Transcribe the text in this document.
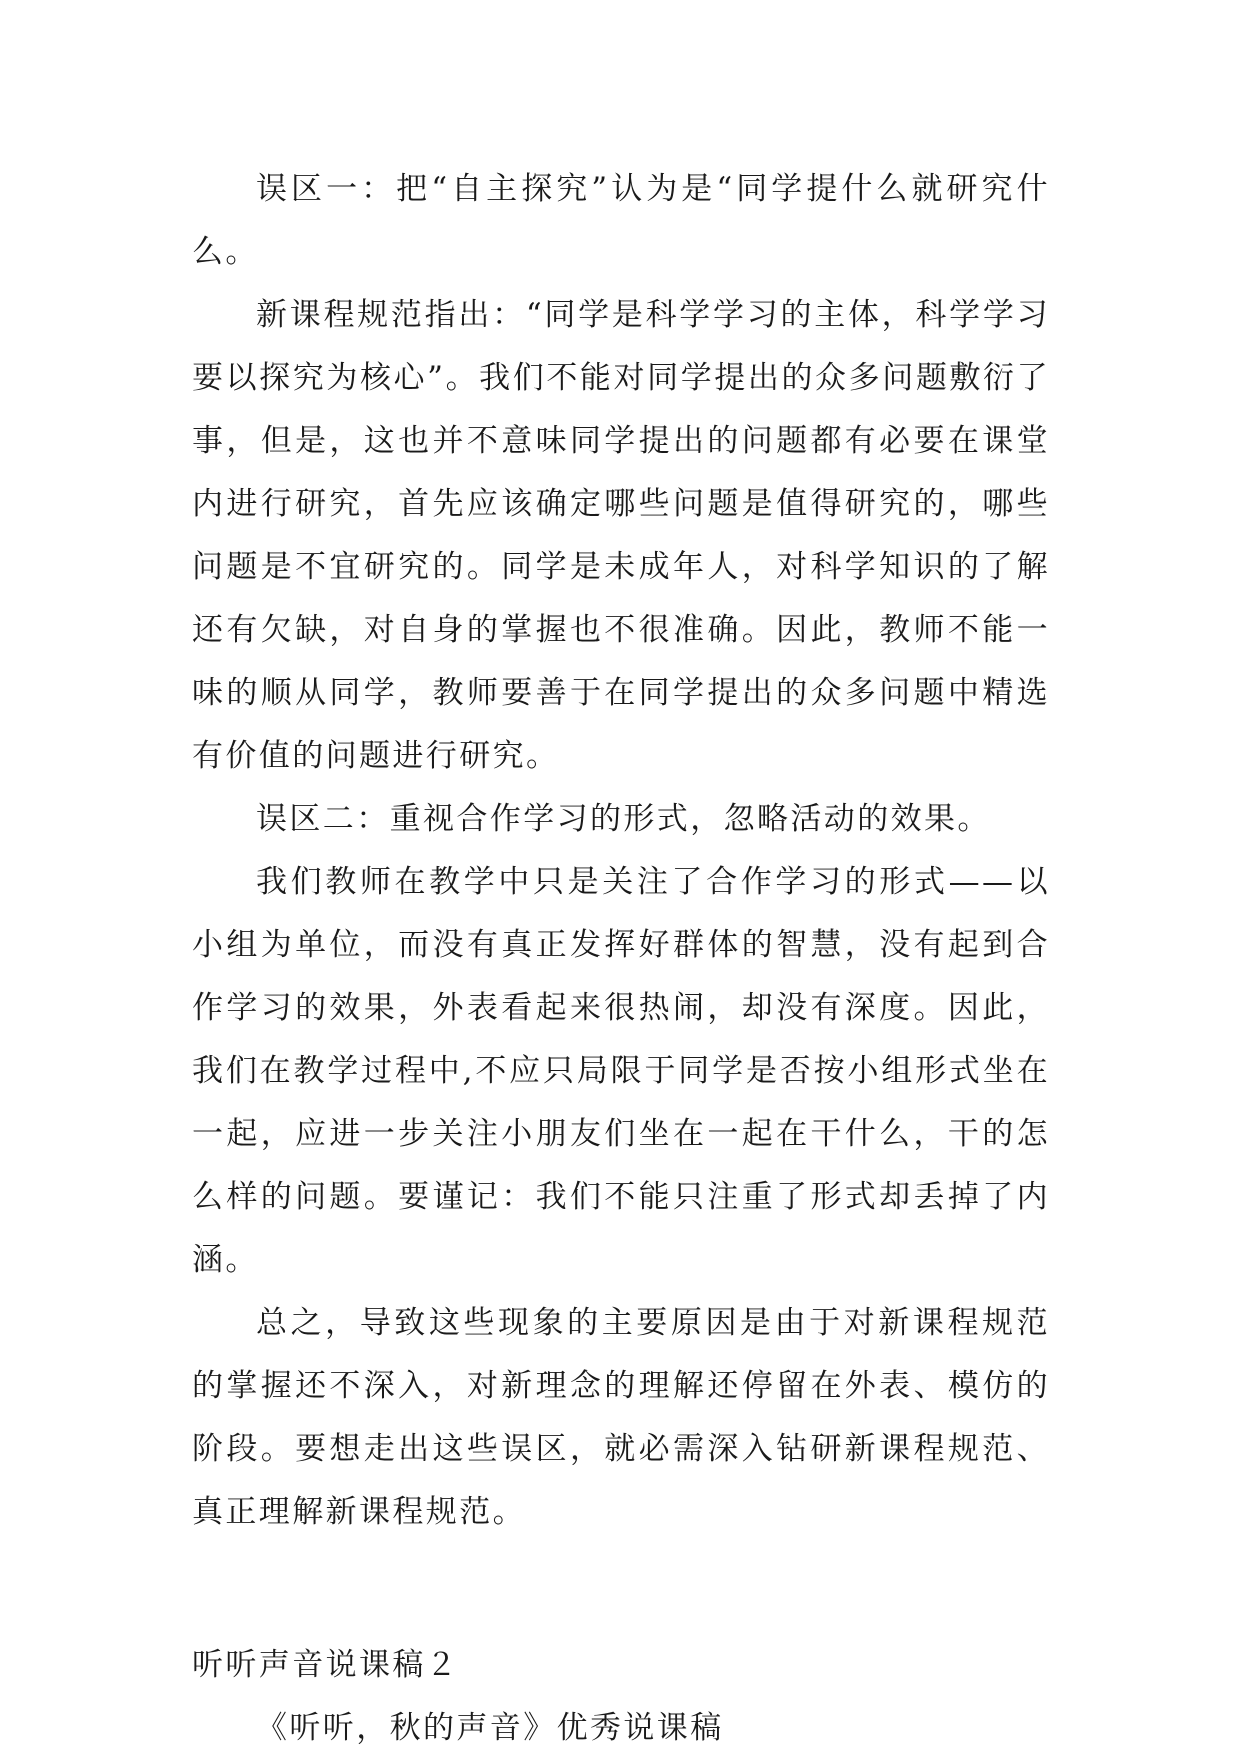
误区一：把“自主探究”认为是“同学提什么就研究什么。

新课程规范指出：“同学是科学学习的主体，科学学习要以探究为核心”。我们不能对同学提出的众多问题敷衍了事，但是，这也并不意味同学提出的问题都有必要在课堂内进行研究，首先应该确定哪些问题是值得研究的，哪些问题是不宜研究的。同学是未成年人，对科学知识的了解还有欠缺，对自身的掌握也不很准确。因此，教师不能一味的顺从同学，教师要善于在同学提出的众多问题中精选有价值的问题进行研究。

误区二：重视合作学习的形式，忽略活动的效果。

我们教师在教学中只是关注了合作学习的形式——以小组为单位，而没有真正发挥好群体的智慧，没有起到合作学习的效果，外表看起来很热闹，却没有深度。因此，我们在教学过程中,不应只局限于同学是否按小组形式坐在一起，应进一步关注小朋友们坐在一起在干什么，干的怎么样的问题。要谨记：我们不能只注重了形式却丢掉了内涵。

总之，导致这些现象的主要原因是由于对新课程规范的掌握还不深入，对新理念的理解还停留在外表、模仿的阶段。要想走出这些误区，就必需深入钻研新课程规范、真正理解新课程规范。

听听声音说课稿２

《听听，秋的声音》优秀说课稿
